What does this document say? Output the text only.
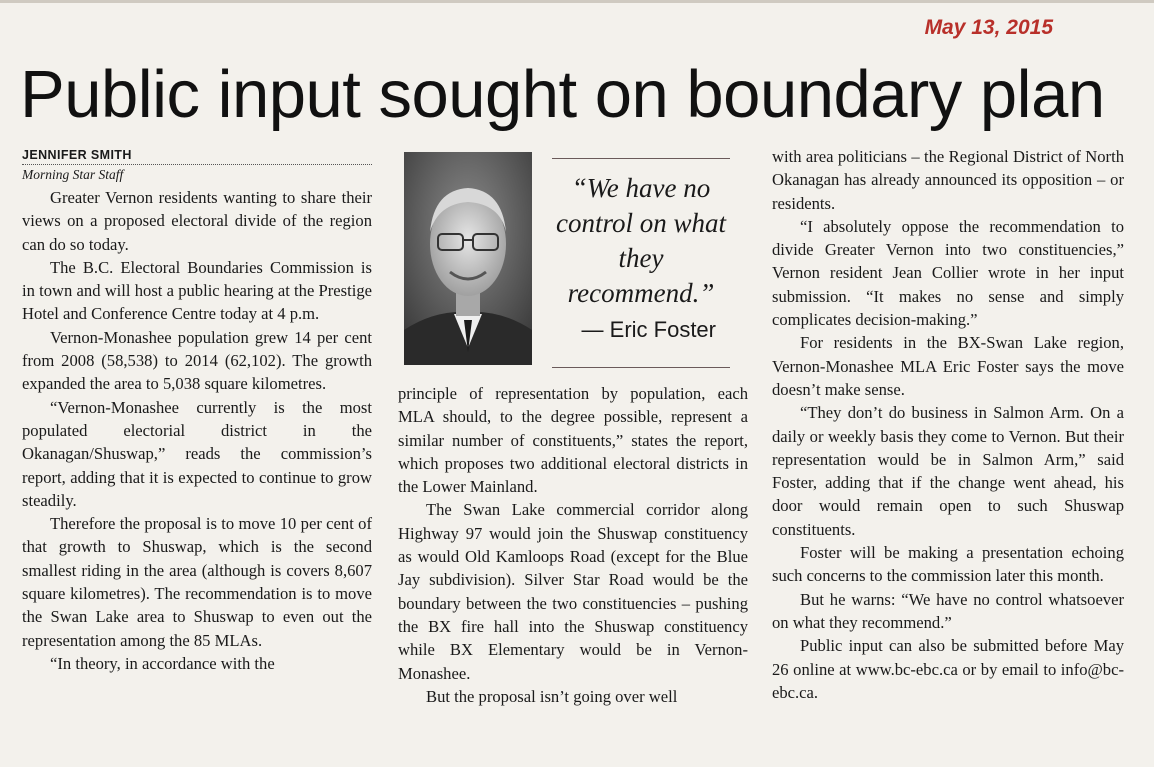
May 13, 2015
Public input sought on boundary plan
JENNIFER SMITH
Morning Star Staff

Greater Vernon residents wanting to share their views on a proposed electoral divide of the region can do so today.

The B.C. Electoral Boundaries Commission is in town and will host a public hearing at the Prestige Hotel and Conference Centre today at 4 p.m.

Vernon-Monashee population grew 14 per cent from 2008 (58,538) to 2014 (62,102). The growth expanded the area to 5,038 square kilometres.

“Vernon-Monashee currently is the most populated electorial district in the Okanagan/Shuswap,” reads the commission’s report, adding that it is expected to continue to grow steadily.

Therefore the proposal is to move 10 per cent of that growth to Shuswap, which is the second smallest riding in the area (although is covers 8,607 square kilometres). The recommendation is to move the Swan Lake area to Shuswap to even out the representation among the 85 MLAs.

“In theory, in accordance with the

“We have no control on what they recommend.”
— Eric Foster

principle of representation by population, each MLA should, to the degree possible, represent a similar number of constituents,” states the report, which proposes two additional electoral districts in the Lower Mainland.

The Swan Lake commercial corridor along Highway 97 would join the Shuswap constituency as would Old Kamloops Road (except for the Blue Jay subdivision). Silver Star Road would be the boundary between the two constituencies – pushing the BX fire hall into the Shuswap constituency while BX Elementary would be in Vernon-Monashee.

But the proposal isn’t going over well

with area politicians – the Regional District of North Okanagan has already announced its opposition – or residents.

“I absolutely oppose the recommendation to divide Greater Vernon into two constituencies,” Vernon resident Jean Collier wrote in her input submission. “It makes no sense and simply complicates decision-making.”

For residents in the BX-Swan Lake region, Vernon-Monashee MLA Eric Foster says the move doesn’t make sense.

“They don’t do business in Salmon Arm. On a daily or weekly basis they come to Vernon. But their representation would be in Salmon Arm,” said Foster, adding that if the change went ahead, his door would remain open to such Shuswap constituents.

Foster will be making a presentation echoing such concerns to the commission later this month.

But he warns: “We have no control whatsoever on what they recommend.”

Public input can also be submitted before May 26 online at www.bc-ebc.ca or by email to info@bc-ebc.ca.
